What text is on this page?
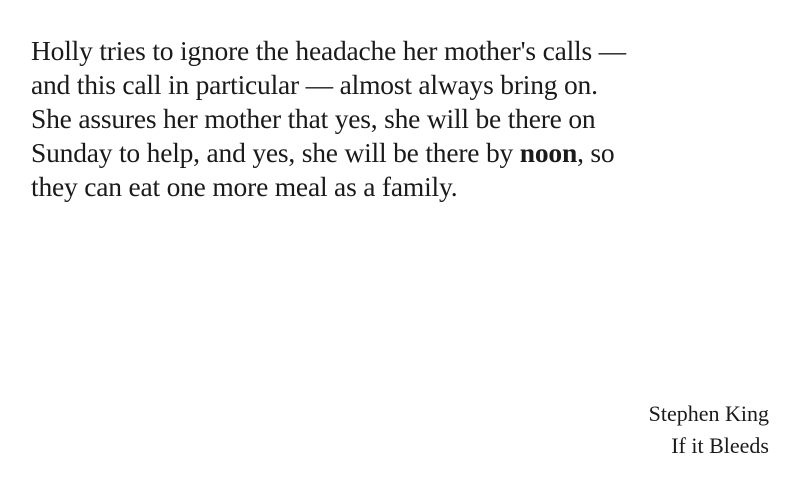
Holly tries to ignore the headache her mother's calls —
and this call in particular — almost always bring on.
She assures her mother that yes, she will be there on
Sunday to help, and yes, she will be there by noon, so
they can eat one more meal as a family.

Stephen King
If it Bleeds
